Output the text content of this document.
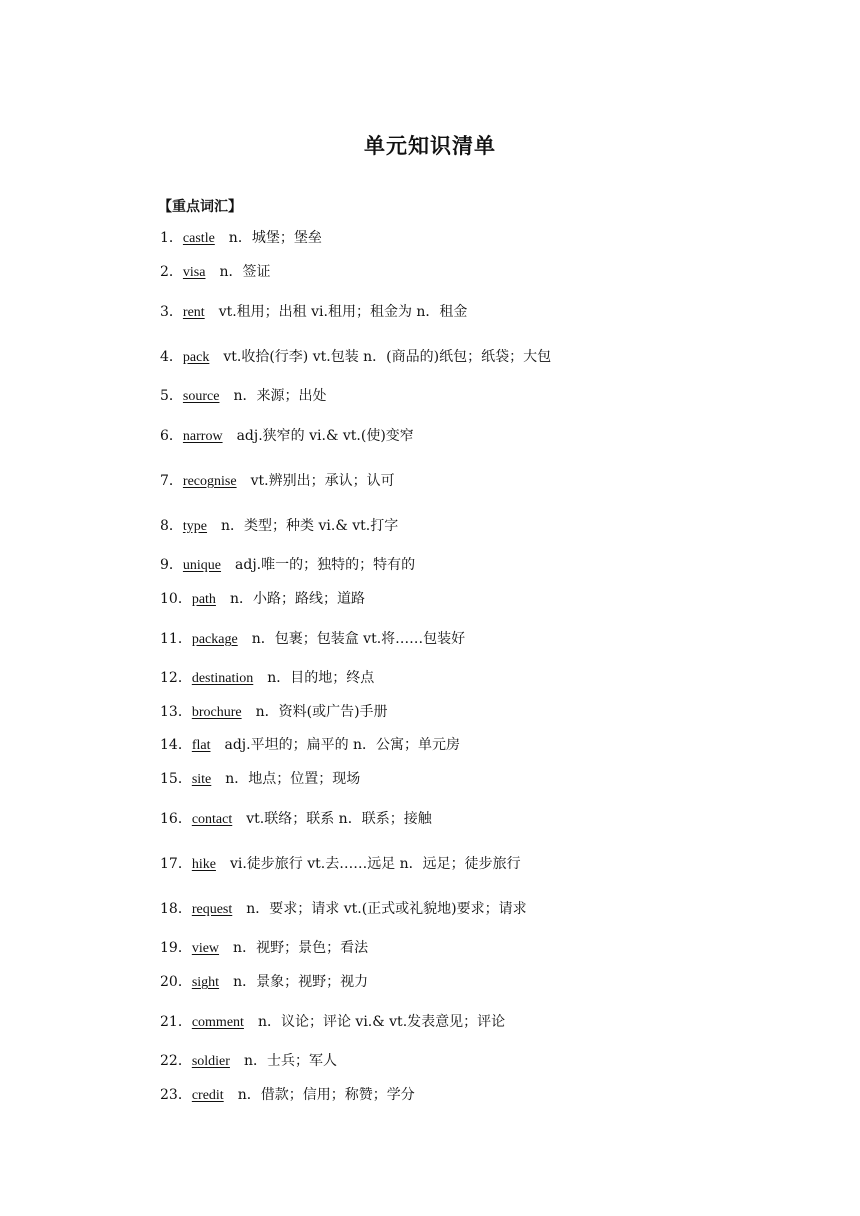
单元知识清单
【重点词汇】
1．castle n．城堡；堡垒
2．visa n．签证
3．rent vt.租用；出租 vi.租用；租金为 n．租金
4．pack vt.收拾(行李) vt.包装 n．(商品的)纸包；纸袋；大包
5．source n．来源；出处
6．narrow adj.狭窄的 vi.& vt.(使)变窄
7．recognise vt.辨别出；承认；认可
8．type n．类型；种类 vi.& vt.打字
9．unique adj.唯一的；独特的；特有的
10．path n．小路；路线；道路
11．package n．包裹；包装盒 vt.将……包装好
12．destination n．目的地；终点
13．brochure n．资料(或广告)手册
14．flat adj.平坦的；扁平的 n．公寓；单元房
15．site n．地点；位置；现场
16．contact vt.联络；联系 n．联系；接触
17．hike vi.徒步旅行 vt.去……远足 n．远足；徒步旅行
18．request n．要求；请求 vt.(正式或礼貌地)要求；请求
19．view n．视野；景色；看法
20．sight n．景象；视野；视力
21．comment n．议论；评论 vi.& vt.发表意见；评论
22．soldier n．士兵；军人
23．credit n．借款；信用；称赞；学分
